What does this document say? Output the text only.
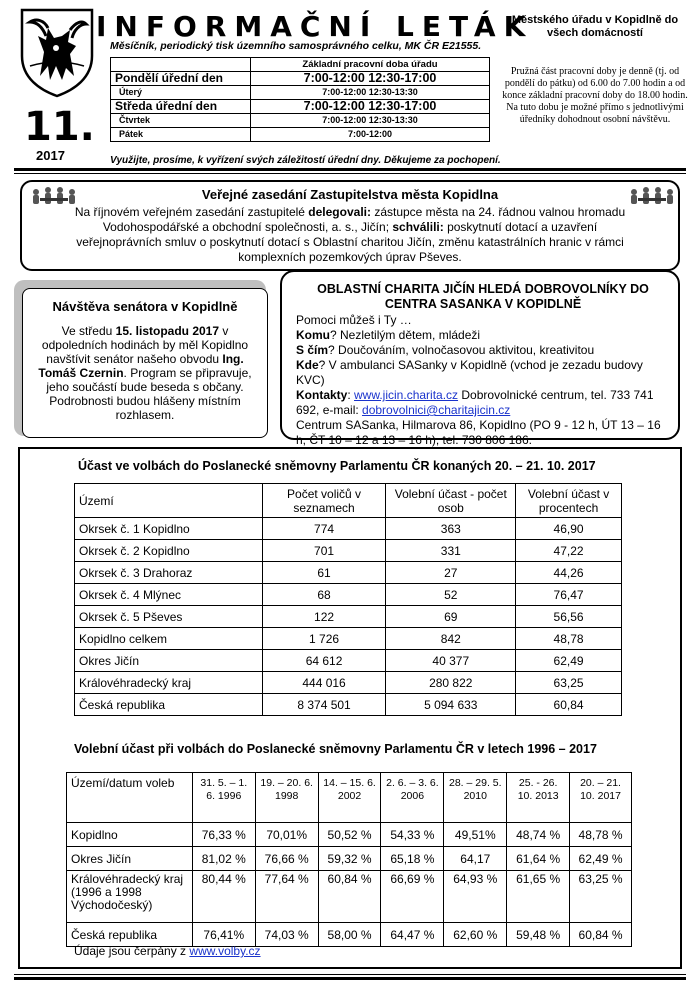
INFORMAČNÍ LETÁK
Měsíčník, periodický tisk územního samosprávného celku, MK ČR E21555.
Městského úřadu v Kopidlně do všech domácností
Pružná část pracovní doby je denně (tj. od pondělí do pátku) od 6.00 do 7.00 hodin a od konce základní pracovní doby do 18.00 hodin. Na tuto dobu je možné přímo s jednotlivými úředníky dohodnout osobní návštěvu.
	Základní pracovní doba úřadu
Pondělí úřední den	7:00-12:00 12:30-17:00
Úterý	7:00-12:00 12:30-13:30
Středa úřední den	7:00-12:00 12:30-17:00
Čtvrtek	7:00-12:00 12:30-13:30
Pátek	7:00-12:00
11.
2017	Využijte, prosíme, k vyřízení svých záležitostí úřední dny. Děkujeme za pochopení.
Veřejné zasedání Zastupitelstva města Kopidlna

Na říjnovém veřejném zasedání zastupitelé delegovali: zástupce města na 24. řádnou valnou hromadu Vodohospodářské a obchodní společnosti, a. s., Jičín; schválili: poskytnutí dotací a uzavření veřejnoprávních smluv o poskytnutí dotací s Oblastní charitou Jičín, změnu katastrálních hranic v rámci komplexních pozemkových úprav Pševes.

Návštěva senátora v Kopidlně

Ve středu 15. listopadu 2017 v odpoledních hodinách by měl Kopidlno navštívit senátor našeho obvodu Ing. Tomáš Czernin. Program se připravuje, jeho součástí bude beseda s občany. Podrobnosti budou hlášeny místním rozhlasem.

OBLASTNÍ CHARITA JIČÍN HLEDÁ DOBROVOLNÍKY DO CENTRA SASANKA V KOPIDLNĚ

Pomoci můžeš i Ty …

Komu? Nezletilým dětem, mládeži

S čím? Doučováním, volnočasovou aktivitou, kreativitou

Kde? V ambulanci SASanky v Kopidlně (vchod je zezadu budovy KVC)

Kontakty: www.jicin.charita.cz Dobrovolnické centrum, tel. 733 741 692, e-mail: dobrovolnici@charitajicin.cz

Centrum SASanka, Hilmarova 86, Kopidlno (PO 9 - 12 h, ÚT 13 – 16 h, ČT 10 – 12 a 13 – 16 h), tel. 730 806 186.

Účast ve volbách do Poslanecké sněmovny Parlamentu ČR konaných 20. – 21. 10. 2017
Území	Počet voličů v seznamech	Volební účast - počet osob	Volební účast v procentech
Okrsek č. 1 Kopidlno	774	363	46,90
Okrsek č. 2 Kopidlno	701	331	47,22
Okrsek č. 3 Drahoraz	61	27	44,26
Okrsek č. 4 Mlýnec	68	52	76,47
Okrsek č. 5 Pševes	122	69	56,56
Kopidlno celkem	1 726	842	48,78
Okres Jičín	64 612	40 377	62,49
Královéhradecký kraj	444 016	280 822	63,25
Česká republika	8 374 501	5 094 633	60,84
Volební účast při volbách do Poslanecké sněmovny Parlamentu ČR v letech 1996 – 2017
Území/datum voleb	31. 5. – 1. 6. 1996	19. – 20. 6. 1998	14. – 15. 6. 2002	2. 6. – 3. 6. 2006	28. – 29. 5. 2010	25. - 26. 10. 2013	20. – 21. 10. 2017
Kopidlno	76,33 %	70,01%	50,52 %	54,33 %	49,51%	48,74 %	48,78 %
Okres Jičín	81,02 %	76,66 %	59,32 %	65,18 %	64,17	61,64 %	62,49 %
Královéhradecký kraj (1996 a 1998 Východočeský)	80,44 %	77,64 %	60,84 %	66,69 %	64,93 %	61,65 %	63,25 %
Česká republika	76,41%	74,03 %	58,00 %	64,47 %	62,60 %	59,48 %	60,84 %
Údaje jsou čerpány z www.volby.cz
